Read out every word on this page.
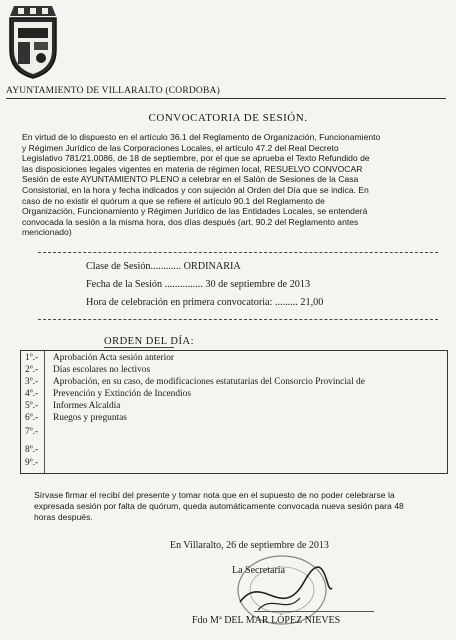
AYUNTAMIENTO DE VILLARALTO (CORDOBA)
CONVOCATORIA DE SESIÓN.
En virtud de lo dispuesto en el artículo 36.1 del Reglamento de Organización, Funcionamiento
y Régimen Jurídico de las Corporaciones Locales, el artículo 47.2 del Real Decreto
Legislativo 781/21.0086, de 18 de septiembre, por el que se aprueba el Texto Refundido de
las disposiciones legales vigentes en materia de régimen local, RESUELVO CONVOCAR
Sesión de este AYUNTAMIENTO PLENO a celebrar en el Salón de Sesiones de la Casa
Consistorial, en la hora y fecha indicados y con sujeción al Orden del Día que se indica. En
caso de no existir el quórum a que se refiere el artículo 90.1 del Reglamento de
Organización, Funcionamiento y Régimen Jurídico de las Entidades Locales, se entenderá
convocada la sesión a la misma hora, dos días después (art. 90.2 del Reglamento antes
mencionado)
Clase de Sesión............ ORDINARIA
Fecha de la Sesión ............... 30 de septiembre de 2013
Hora de celebración en primera convocatoria: ......... 21,00
ORDEN DEL DÍA:
1º.-	Aprobación Acta sesión anterior
2º.-	Días escolares no lectivos
3º.-	Aprobación, en su caso, de modificaciones estatutarias del Consorcio Provincial de
4º.-	Prevención y Extinción de Incendios
5º.-	Informes Alcaldía
6º.-	Ruegos y preguntas
7º.-
8º.-
9º.-
Sírvase firmar el recibí del presente y tomar nota que en el supuesto de no poder celebrarse la
expresada sesión por falta de quórum, queda automáticamente convocada nueva sesión para 48
horas después.
En Villaralto, 26 de septiembre de 2013
La Secretaria
Fdo Mª DEL MAR LÓPEZ NIEVES
